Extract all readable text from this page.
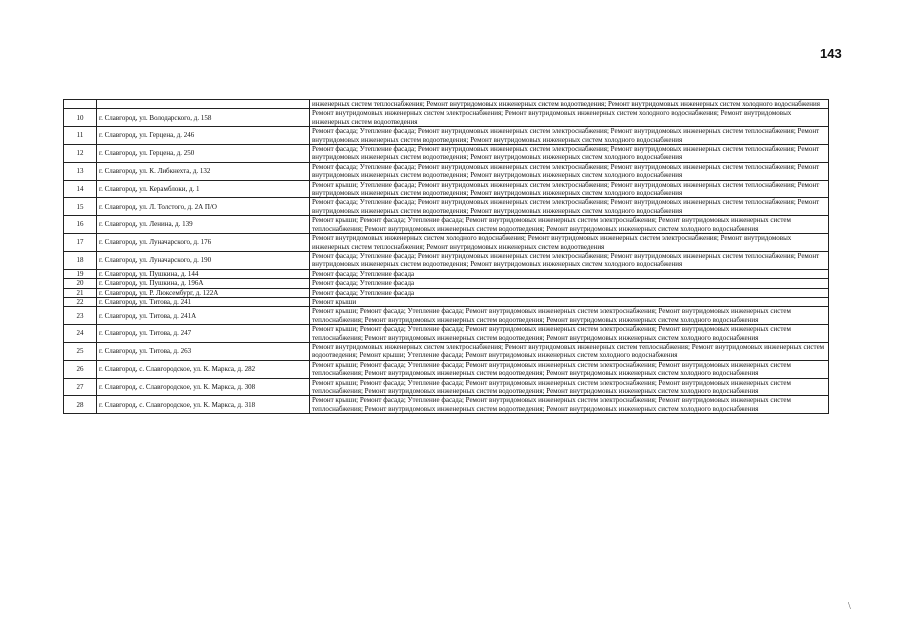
143
		инженерных систем теплоснабжения; Ремонт внутридомовых инженерных систем водоотведения; Ремонт внутридомовых инженерных систем холодного водоснабжения
10	г. Славгород, ул. Володарского, д. 158	Ремонт внутридомовых инженерных систем электроснабжения; Ремонт внутридомовых инженерных систем холодного водоснабжения; Ремонт внутридомовых инженерных систем водоотведения
11	г. Славгород, ул. Герцена, д. 246	Ремонт фасада; Утепление фасада; Ремонт внутридомовых инженерных систем электроснабжения; Ремонт внутридомовых инженерных систем теплоснабжения; Ремонт внутридомовых инженерных систем водоотведения; Ремонт внутридомовых инженерных систем холодного водоснабжения
12	г. Славгород, ул. Герцена, д. 250	Ремонт фасада; Утепление фасада; Ремонт внутридомовых инженерных систем электроснабжения; Ремонт внутридомовых инженерных систем теплоснабжения; Ремонт внутридомовых инженерных систем водоотведения; Ремонт внутридомовых инженерных систем холодного водоснабжения
13	г. Славгород, ул. К. Либкнехта, д. 132	Ремонт фасада; Утепление фасада; Ремонт внутридомовых инженерных систем электроснабжения; Ремонт внутридомовых инженерных систем теплоснабжения; Ремонт внутридомовых инженерных систем водоотведения; Ремонт внутридомовых инженерных систем холодного водоснабжения
14	г. Славгород, ул. Керамблоки, д. 1	Ремонт крыши; Утепление фасада; Ремонт внутридомовых инженерных систем электроснабжения; Ремонт внутридомовых инженерных систем теплоснабжения; Ремонт внутридомовых инженерных систем водоотведения; Ремонт внутридомовых инженерных систем холодного водоснабжения
15	г. Славгород, ул. Л. Толстого, д. 2А П/О	Ремонт фасада; Утепление фасада; Ремонт внутридомовых инженерных систем электроснабжения; Ремонт внутридомовых инженерных систем теплоснабжения; Ремонт внутридомовых инженерных систем водоотведения; Ремонт внутридомовых инженерных систем холодного водоснабжения
16	г. Славгород, ул. Ленина, д. 139	Ремонт крыши; Ремонт фасада; Утепление фасада; Ремонт внутридомовых инженерных систем электроснабжения; Ремонт внутридомовых инженерных систем теплоснабжения; Ремонт внутридомовых инженерных систем водоотведения; Ремонт внутридомовых инженерных систем холодного водоснабжения
17	г. Славгород, ул. Луначарского, д. 176	Ремонт внутридомовых инженерных систем холодного водоснабжения; Ремонт внутридомовых инженерных систем электроснабжения; Ремонт внутридомовых инженерных систем теплоснабжения; Ремонт внутридомовых инженерных систем водоотведения
18	г. Славгород, ул. Луначарского, д. 190	Ремонт фасада; Утепление фасада; Ремонт внутридомовых инженерных систем электроснабжения; Ремонт внутридомовых инженерных систем теплоснабжения; Ремонт внутридомовых инженерных систем водоотведения; Ремонт внутридомовых инженерных систем холодного водоснабжения
19	г. Славгород, ул. Пушкина, д. 144	Ремонт фасада; Утепление фасада
20	г. Славгород, ул. Пушкина, д. 196А	Ремонт фасада; Утепление фасада
21	г. Славгород, ул. Р. Люксембург, д. 122А	Ремонт фасада; Утепление фасада
22	г. Славгород, ул. Титова, д. 241	Ремонт крыши
23	г. Славгород, ул. Титова, д. 241А	Ремонт крыши; Ремонт фасада; Утепление фасада; Ремонт внутридомовых инженерных систем электроснабжения; Ремонт внутридомовых инженерных систем теплоснабжения; Ремонт внутридомовых инженерных систем водоотведения; Ремонт внутридомовых инженерных систем холодного водоснабжения
24	г. Славгород, ул. Титова, д. 247	Ремонт крыши; Ремонт фасада; Утепление фасада; Ремонт внутридомовых инженерных систем электроснабжения; Ремонт внутридомовых инженерных систем теплоснабжения; Ремонт внутридомовых инженерных систем водоотведения; Ремонт внутридомовых инженерных систем холодного водоснабжения
25	г. Славгород, ул. Титова, д. 263	Ремонт внутридомовых инженерных систем электроснабжения; Ремонт внутридомовых инженерных систем теплоснабжения; Ремонт внутридомовых инженерных систем водоотведения; Ремонт крыши; Утепление фасада; Ремонт внутридомовых инженерных систем холодного водоснабжения
26	г. Славгород, с. Славгородское, ул. К. Маркса, д. 282	Ремонт крыши; Ремонт фасада; Утепление фасада; Ремонт внутридомовых инженерных систем электроснабжения; Ремонт внутридомовых инженерных систем теплоснабжения; Ремонт внутридомовых инженерных систем водоотведения; Ремонт внутридомовых инженерных систем холодного водоснабжения
27	г. Славгород, с. Славгородское, ул. К. Маркса, д. 308	Ремонт крыши; Ремонт фасада; Утепление фасада; Ремонт внутридомовых инженерных систем электроснабжения; Ремонт внутридомовых инженерных систем теплоснабжения; Ремонт внутридомовых инженерных систем водоотведения; Ремонт внутридомовых инженерных систем холодного водоснабжения
28	г. Славгород, с. Славгородское, ул. К. Маркса, д. 318	Ремонт крыши; Ремонт фасада; Утепление фасада; Ремонт внутридомовых инженерных систем электроснабжения; Ремонт внутридомовых инженерных систем теплоснабжения; Ремонт внутридомовых инженерных систем водоотведения; Ремонт внутридомовых инженерных систем холодного водоснабжения
\
